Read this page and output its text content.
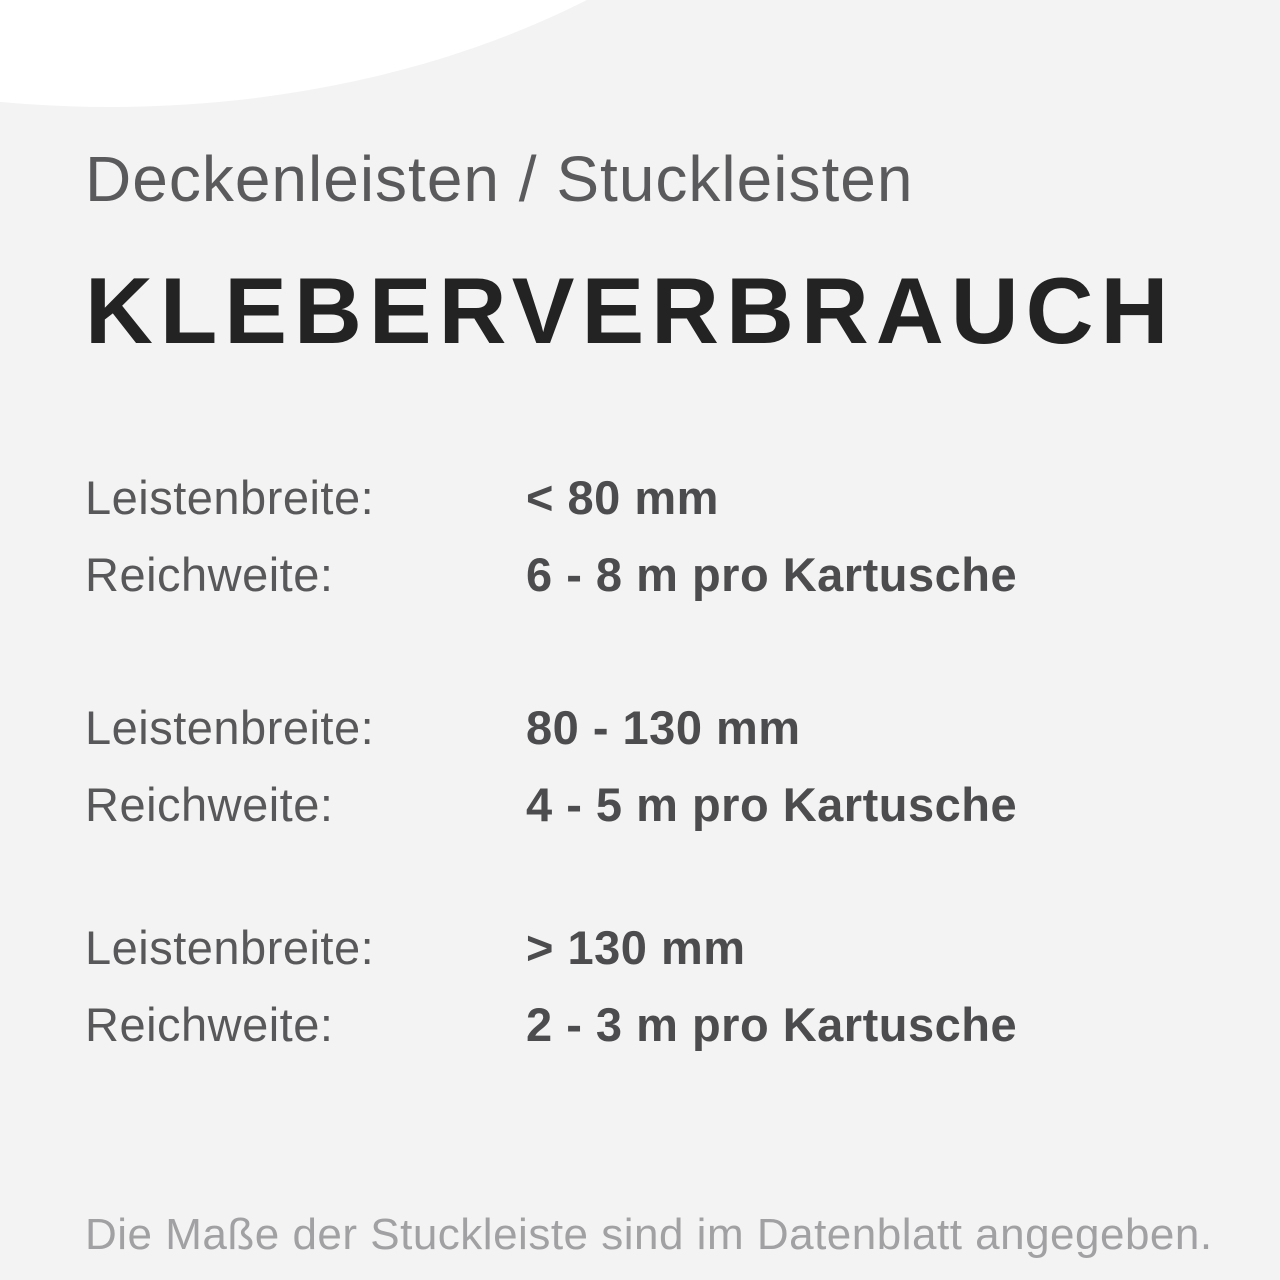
Deckenleisten / Stuckleisten
KLEBERVERBRAUCH
Leistenbreite:	< 80 mm
Reichweite:	6 - 8 m pro Kartusche
Leistenbreite:	80 - 130 mm
Reichweite:	4 - 5 m pro Kartusche
Leistenbreite:	> 130 mm
Reichweite:	2 - 3 m pro Kartusche
Die Maße der Stuckleiste sind im Datenblatt angegeben.
